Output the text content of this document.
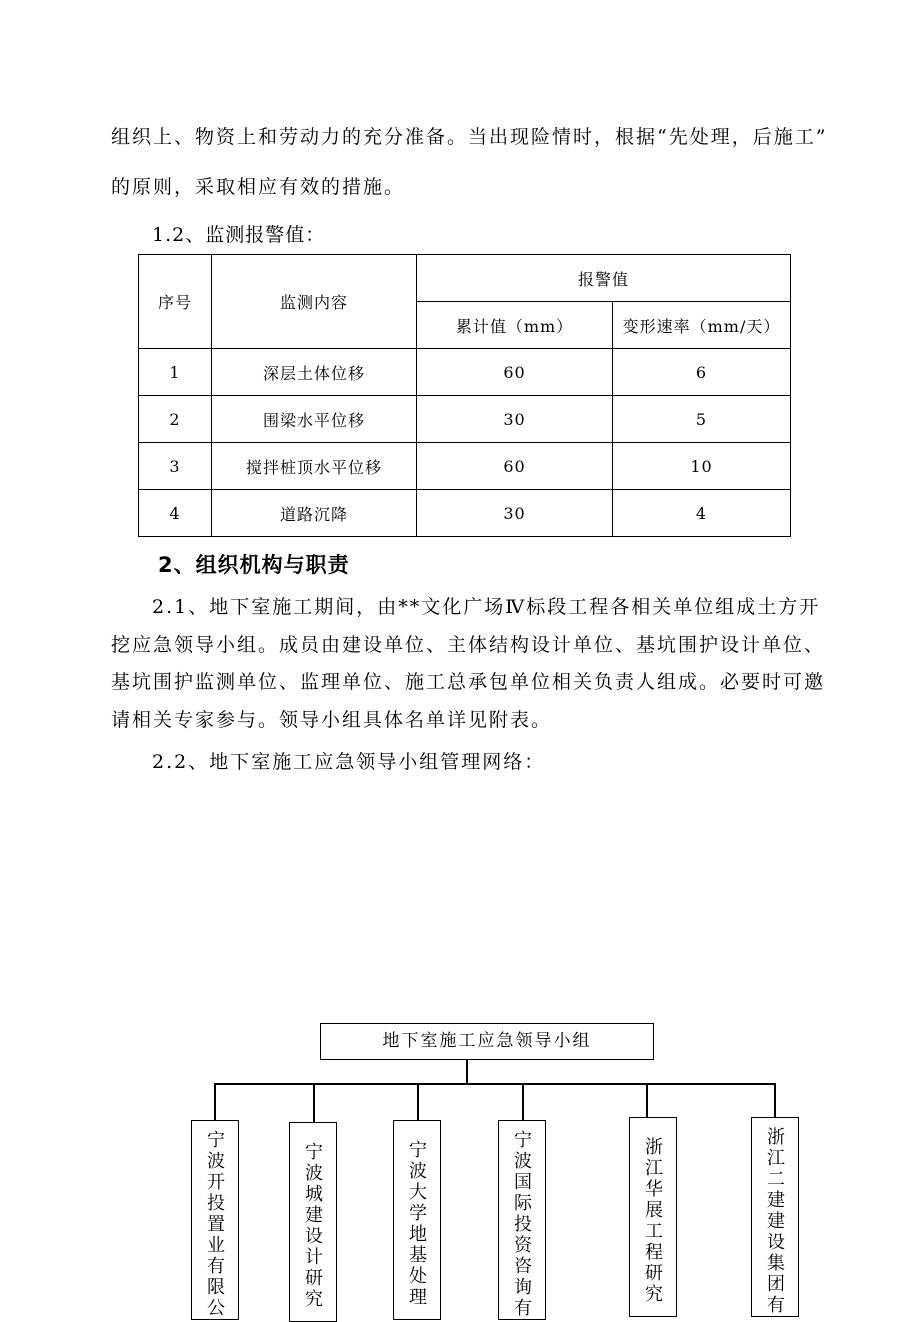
组织上、物资上和劳动力的充分准备。当出现险情时，根据“先处理，后施工”
的原则，采取相应有效的措施。
1.2、监测报警值：
序号	监测内容	报警值	
		累计值（mm）	变形速率（mm/天）
1	深层土体位移	60	6
2	围梁水平位移	30	5
3	搅拌桩顶水平位移	60	10
4	道路沉降	30	4
2、组织机构与职责
2.1、地下室施工期间，由**文化广场Ⅳ标段工程各相关单位组成土方开
挖应急领导小组。成员由建设单位、主体结构设计单位、基坑围护设计单位、
基坑围护监测单位、监理单位、施工总承包单位相关负责人组成。必要时可邀
请相关专家参与。领导小组具体名单详见附表。
2.2、地下室施工应急领导小组管理网络：
地下室施工应急领导小组
宁波开投置业有限公	宁波城建设计研究	宁波大学地基处理	宁波国际投资咨询有	浙江华展工程研究	浙江二建建设集团有
